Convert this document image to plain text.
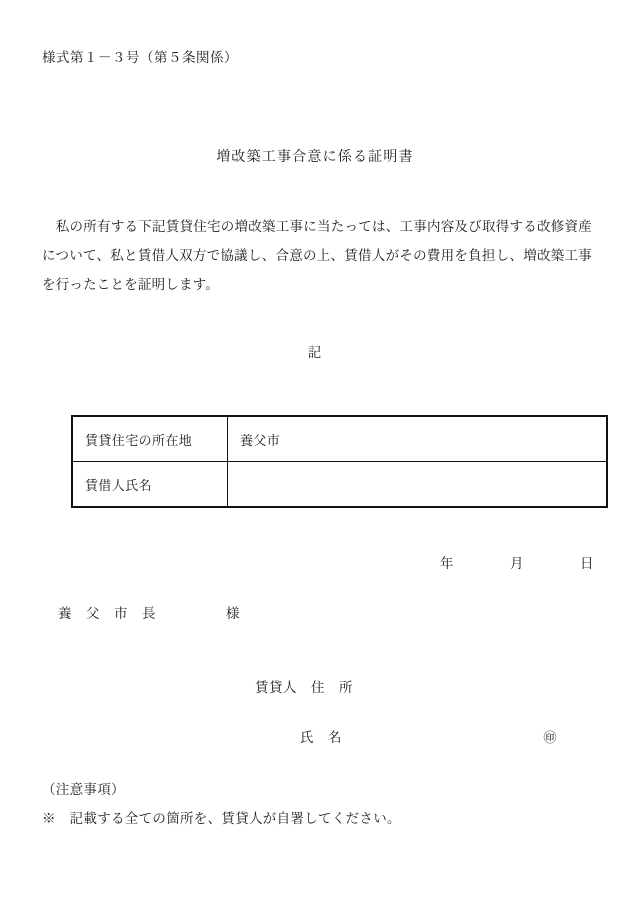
様式第１－３号（第５条関係）
増改築工事合意に係る証明書

　私の所有する下記賃貸住宅の増改築工事に当たっては、工事内容及び取得する改修資産について、私と賃借人双方で協議し、合意の上、賃借人がその費用を負担し、増改築工事を行ったことを証明します。

記
賃貸住宅の所在地	養父市
賃借人氏名	
年　　　　月　　　　日
養　父　市　長　　　　　様
賃貸人　住　所
氏　名	㊞
（注意事項）
※　記載する全ての箇所を、賃貸人が自署してください。
